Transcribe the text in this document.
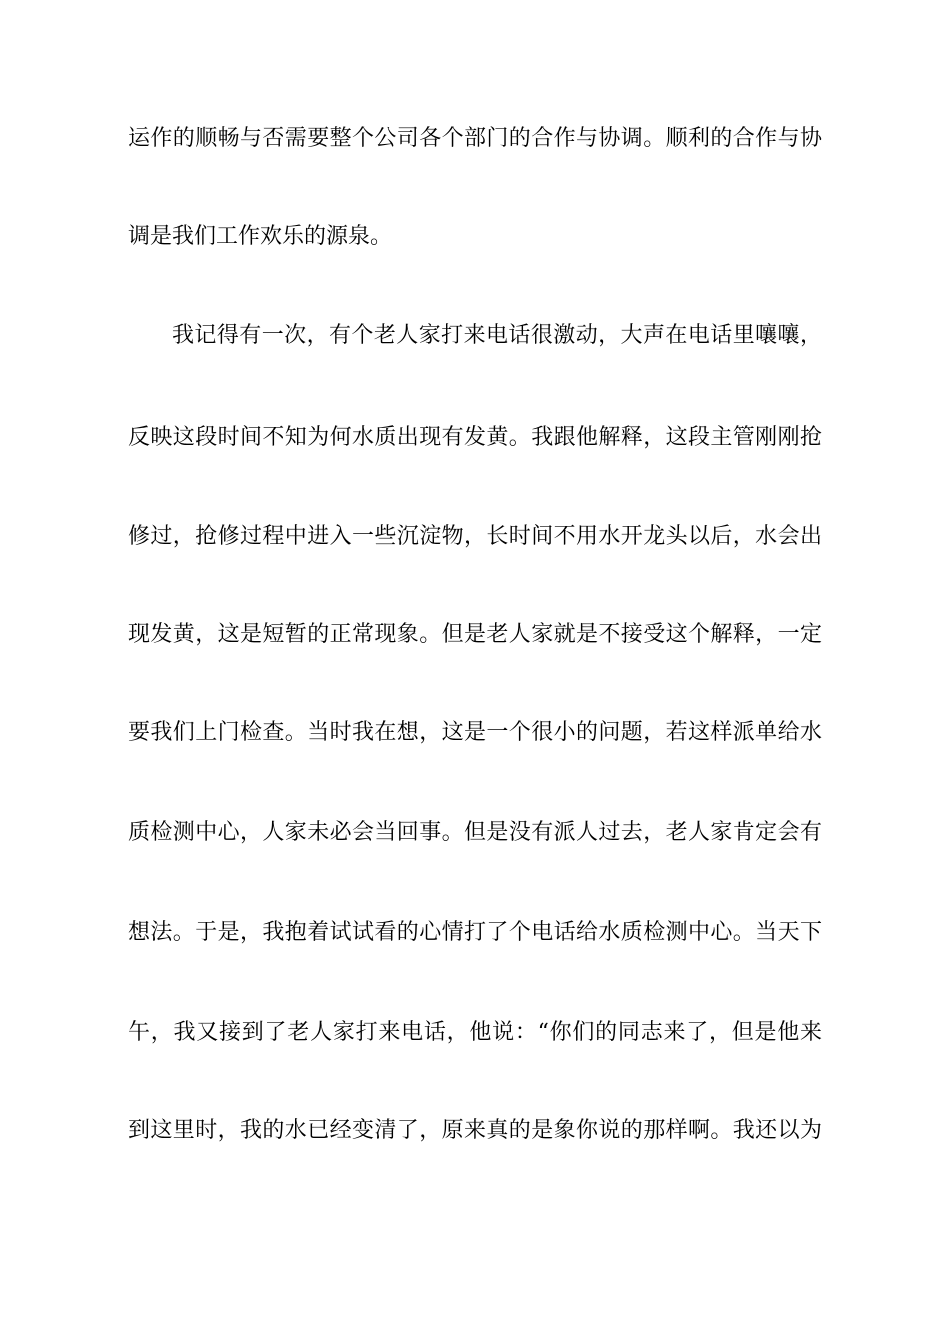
运作的顺畅与否需要整个公司各个部门的合作与协调。顺利的合作与协
调是我们工作欢乐的源泉。
我记得有一次，有个老人家打来电话很激动，大声在电话里嚷嚷，
反映这段时间不知为何水质出现有发黄。我跟他解释，这段主管刚刚抢
修过，抢修过程中进入一些沉淀物，长时间不用水开龙头以后，水会出
现发黄，这是短暂的正常现象。但是老人家就是不接受这个解释，一定
要我们上门检查。当时我在想，这是一个很小的问题，若这样派单给水
质检测中心，人家未必会当回事。但是没有派人过去，老人家肯定会有
想法。于是，我抱着试试看的心情打了个电话给水质检测中心。当天下
午，我又接到了老人家打来电话，他说：“你们的同志来了，但是他来
到这里时，我的水已经变清了，原来真的是象你说的那样啊。我还以为
